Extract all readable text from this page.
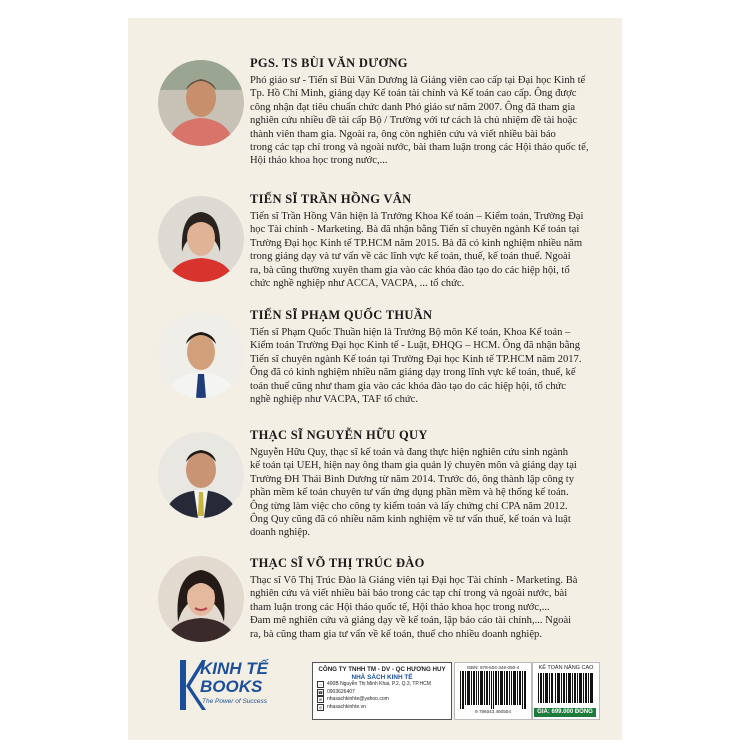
PGS. TS BÙI VĂN DƯƠNG

Phó giáo sư - Tiến sĩ Bùi Văn Dương là Giảng viên cao cấp tại Đại học Kinh tế

Tp. Hồ Chí Minh, giảng dạy Kế toán tài chính và Kế toán cao cấp. Ông được

công nhận đạt tiêu chuẩn chức danh Phó giáo sư năm 2007. Ông đã tham gia

nghiên cứu nhiều đề tài cấp Bộ / Trường với tư cách là chủ nhiệm đề tài hoặc

thành viên tham gia. Ngoài ra, ông còn nghiên cứu và viết nhiều bài báo

trong các tạp chí trong và ngoài nước, bài tham luận trong các Hội thảo quốc tế,

Hội thảo khoa học trong nước,...

TIẾN SĨ TRẦN HỒNG VÂN

Tiến sĩ Trần Hồng Vân hiện là Trưởng Khoa Kế toán – Kiểm toán, Trường Đại

học Tài chính - Marketing. Bà đã nhận bằng Tiến sĩ chuyên ngành Kế toán tại

Trường Đại học Kinh tế TP.HCM năm 2015. Bà đã có kinh nghiệm nhiều năm

trong giảng dạy và tư vấn về các lĩnh vực kế toán, thuế, kế toán thuế. Ngoài

ra, bà cũng thường xuyên tham gia vào các khóa đào tạo do các hiệp hội, tổ

chức nghề nghiệp như ACCA, VACPA, ... tổ chức.

TIẾN SĨ PHẠM QUỐC THUẦN

Tiến sĩ Phạm Quốc Thuần hiện là Trưởng Bộ môn Kế toán, Khoa Kế toán –

Kiểm toán Trường Đại học Kinh tế - Luật, ĐHQG – HCM. Ông đã nhận bằng

Tiến sĩ chuyên ngành Kế toán tại Trường Đại học Kinh tế TP.HCM năm 2017.

Ông đã có kinh nghiệm nhiều năm giảng dạy trong lĩnh vực kế toán, thuế, kế

toán thuế cũng như tham gia vào các khóa đào tạo do các hiệp hội, tổ chức

nghề nghiệp như VACPA, TAF tổ chức.

THẠC SĨ NGUYỄN HỮU QUY

Nguyễn Hữu Quy, thạc sĩ kế toán và đang thực hiện nghiên cứu sinh ngành

kế toán tại UEH, hiện nay ông tham gia quản lý chuyên môn và giảng dạy tại

Trường ĐH Thái Bình Dương từ năm 2014. Trước đó, ông thành lập công ty

phần mềm kế toán chuyên tư vấn ứng dụng phần mềm và hệ thống kế toán.

Ông từng làm việc cho công ty kiểm toán và lấy chứng chỉ CPA năm 2012.

Ông Quy cũng đã có nhiều năm kinh nghiệm về tư vấn thuế, kế toán và luật

doanh nghiệp.

THẠC SĨ VÕ THỊ TRÚC ĐÀO

Thạc sĩ Võ Thị Trúc Đào là Giảng viên tại Đại học Tài chính - Marketing. Bà

nghiên cứu và viết nhiều bài báo trong các tạp chí trong và ngoài nước, bài

tham luận trong các Hội thảo quốc tế, Hội thảo khoa học trong nước,...

Đam mê nghiên cứu và giảng dạy về kế toán, lập báo cáo tài chính,... Ngoài

ra, bà cũng tham gia tư vấn về kế toán, thuế cho nhiều doanh nghiệp.

KINH TẾ
BOOKS
The Power of Success
CÔNG TY TNHH TM - DV - QC HƯƠNG HUY
NHÀ SÁCH KINH TẾ
⌂	490B Nguyễn Thị Minh Khai, P.2, Q.3, TP.HCM
☎ 0903626407
✉ nhasachkinhte@yahoo.com
◎ nhasachkinhte.vn
ISBN: 978-604-346-050-4
9 786043 460504
KẾ TOÁN NÂNG CAO
GIÁ: 699.000 ĐỒNG
